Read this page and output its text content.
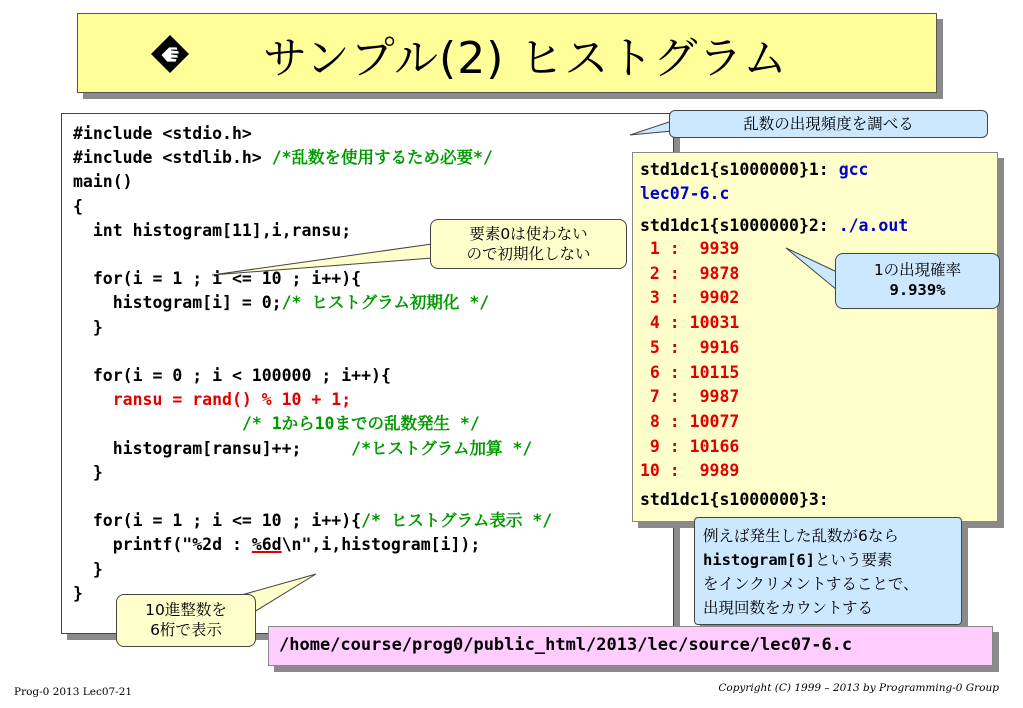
サンプル(2) ヒストグラム
#include <stdio.h>
#include <stdlib.h> /*乱数を使用するため必要*/
main()
{
int histogram[11],i,ransu;
for(i = 1 ; i <= 10 ; i++){
histogram[i] = 0;/* ヒストグラム初期化 */
}
for(i = 0 ; i < 100000 ; i++){
ransu = rand() % 10 + 1;
/* 1から10までの乱数発生 */
histogram[ransu]++;     /*ヒストグラム加算 */
}
for(i = 1 ; i <= 10 ; i++){/* ヒストグラム表示 */
printf("%2d : %6d\n",i,histogram[i]);
}
}
std1dc1{s1000000}1: gcc
lec07-6.c
std1dc1{s1000000}2: ./a.out
1 :  9939
2 :  9878
3 :  9902
4 : 10031
5 :  9916
6 : 10115
7 :  9987
8 : 10077
9 : 10166
10 :  9989
std1dc1{s1000000}3:
乱数の出現頻度を調べる
要素0は使わない
ので初期化しない
1の出現確率
9.939%
例えば発生した乱数が6なら
histogram[6]という要素
をインクリメントすることで、
出現回数をカウントする
10進整数を
6桁で表示
/home/course/prog0/public_html/2013/lec/source/lec07-6.c
Prog-0 2013 Lec07-21	Copyright (C) 1999 – 2013 by Programming-0 Group
